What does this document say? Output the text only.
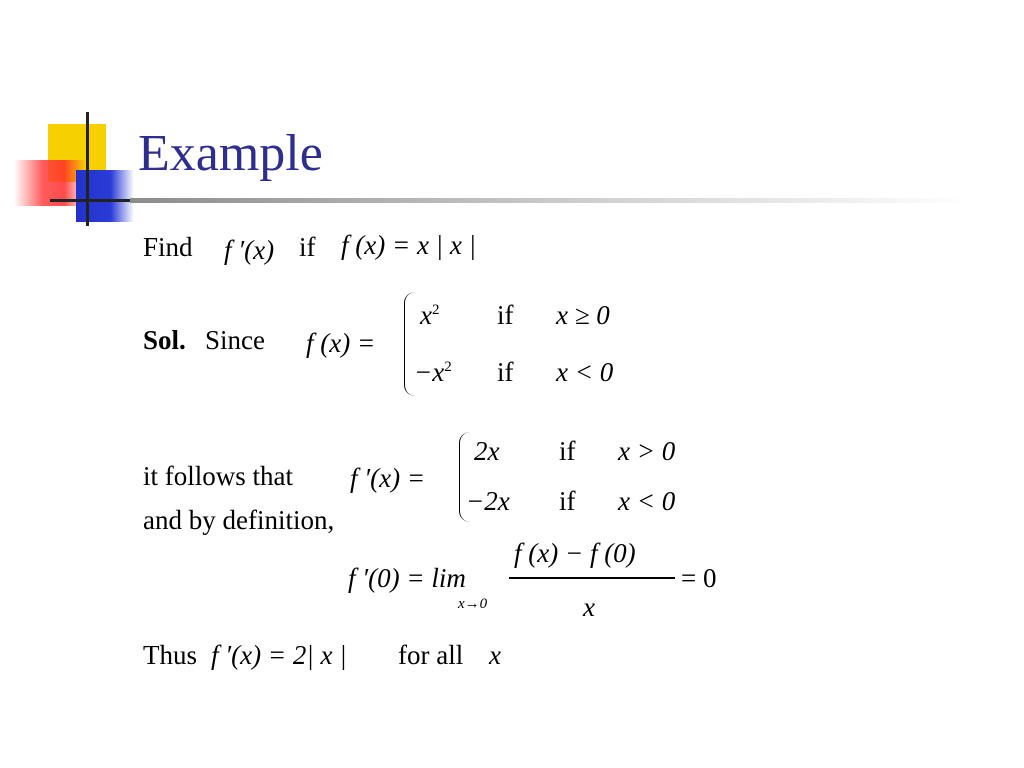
Example
Find f ′(x) if f (x) = x | x |
Sol. Since f (x) =
$x^2$ if x ≥ 0
$-x^2$ if x < 0
it follows that f ′(x) =
2x if x > 0
−2x if x < 0
and by definition,
f ′(0) = lim
x→0
f (x) − f (0)
x
= 0
Thus f ′(x) = 2| x | for all x
